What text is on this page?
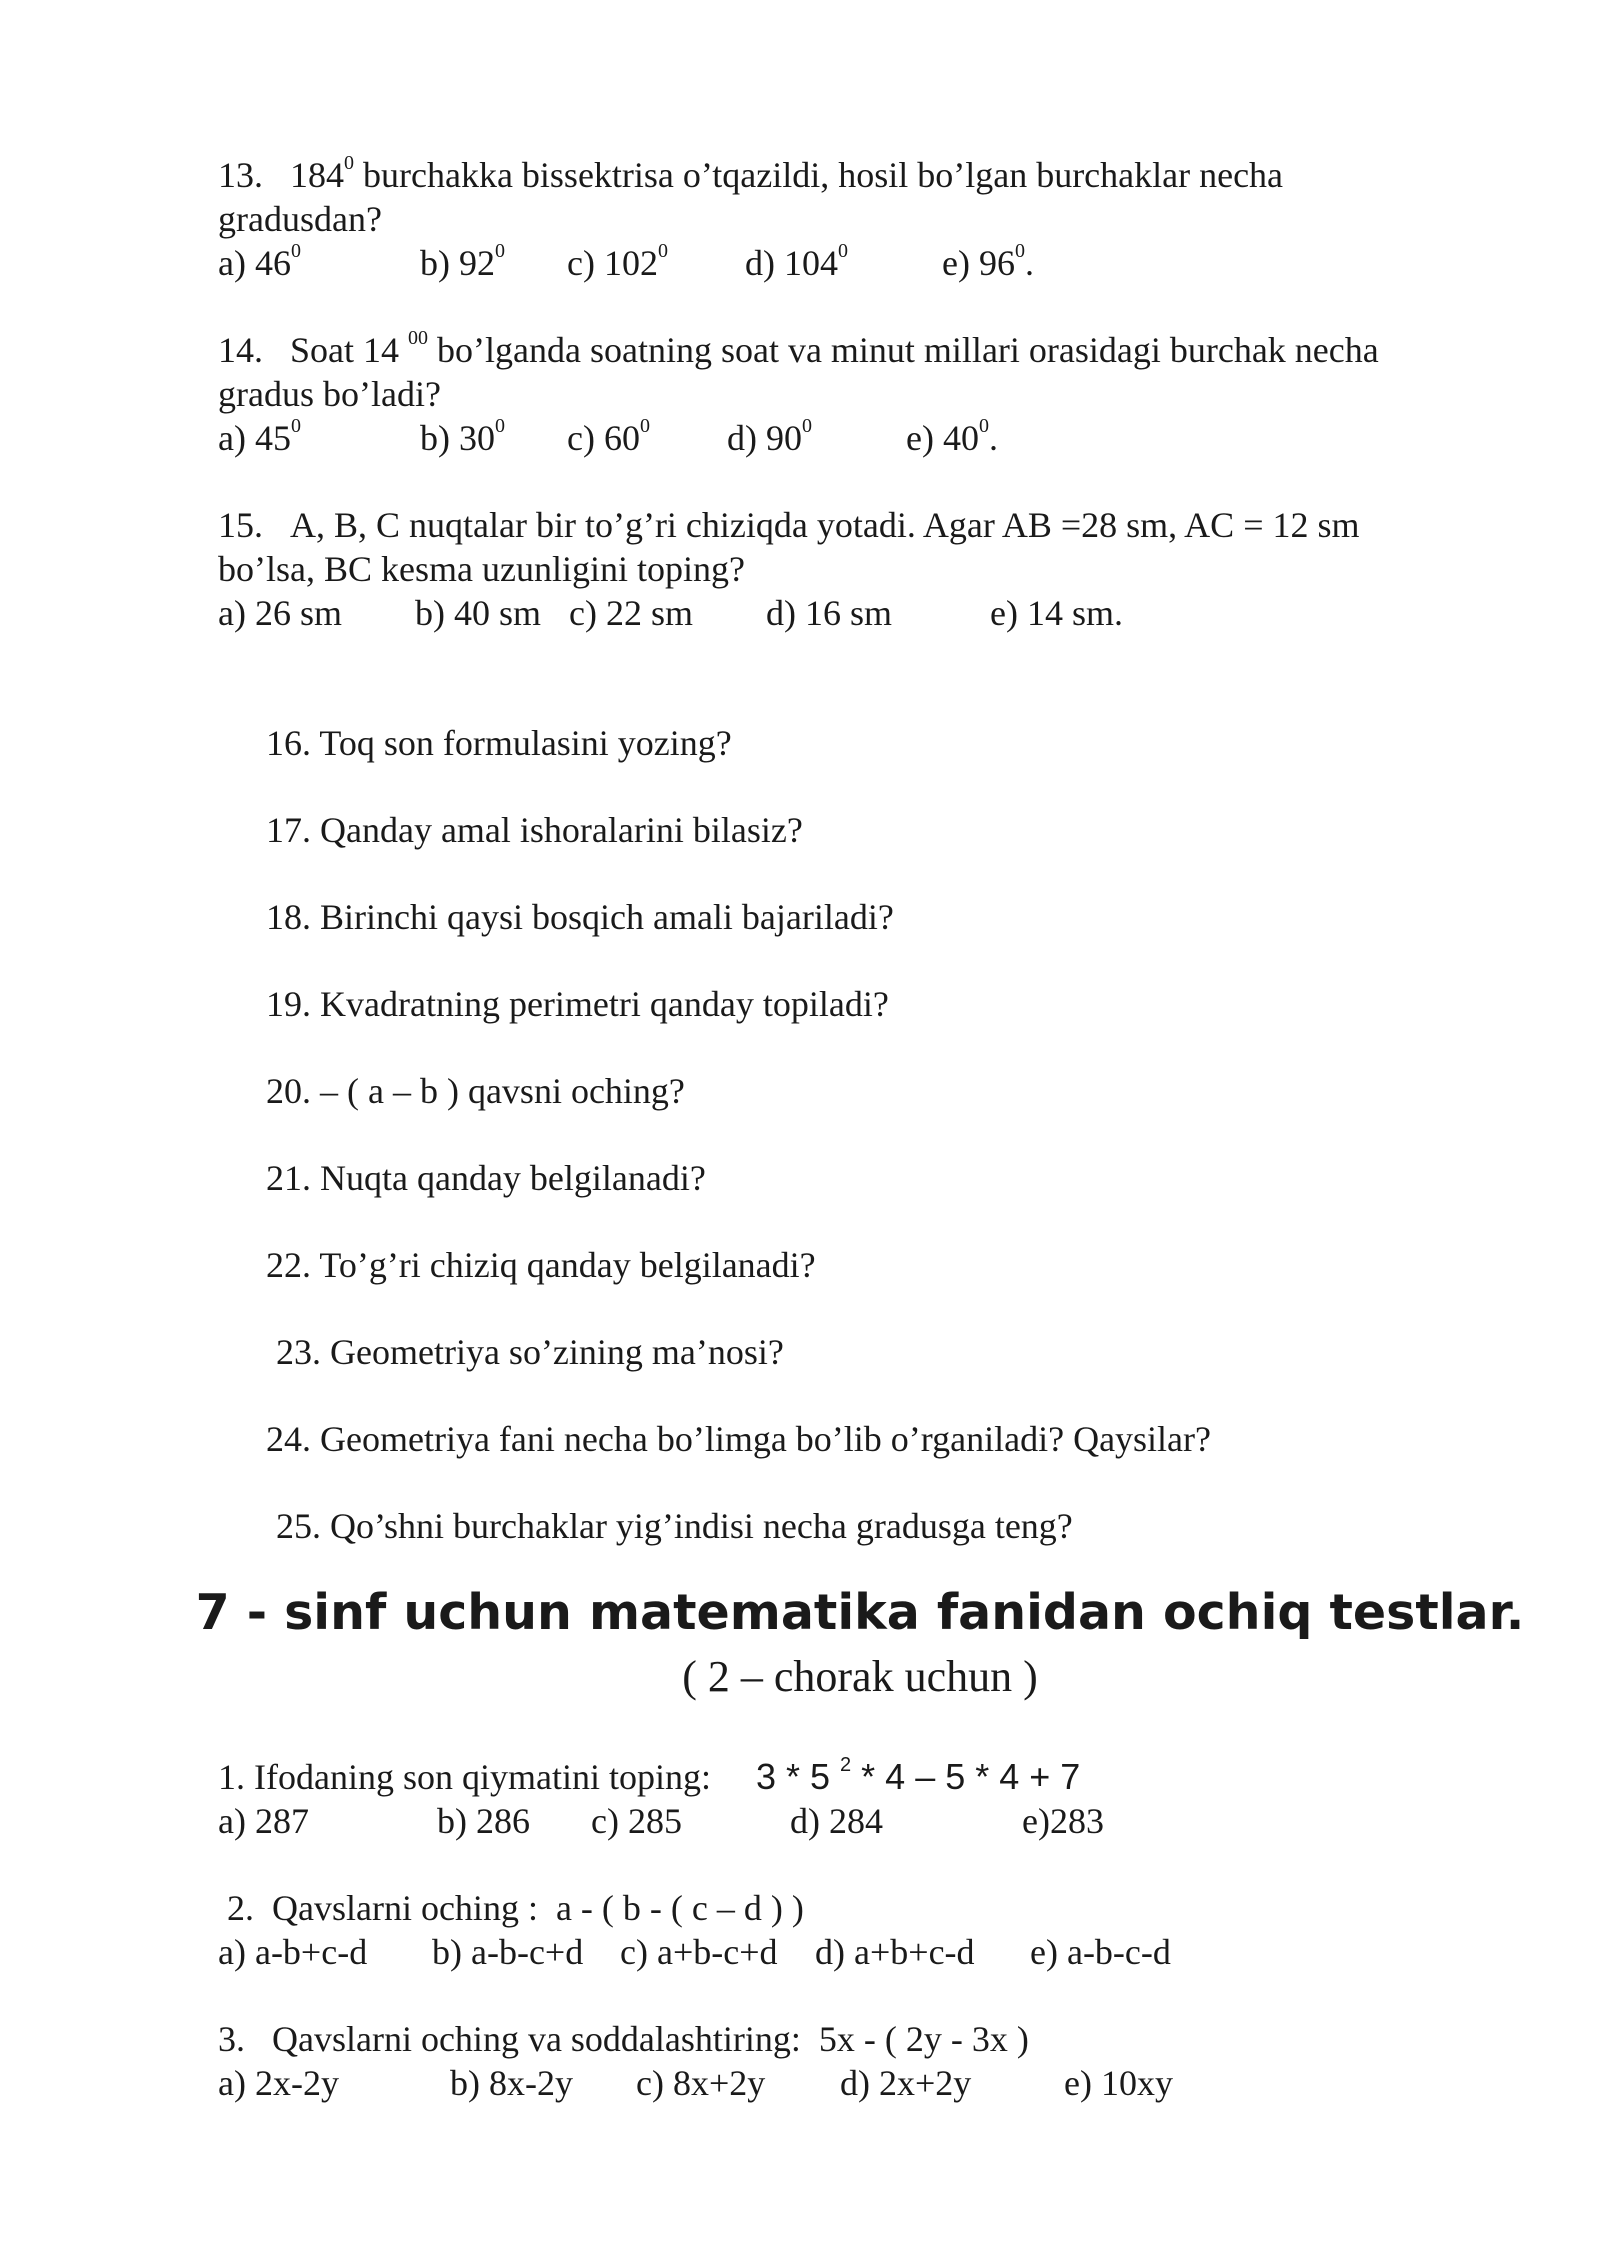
13. $184^0$ burchakka bissektrisa o’tqazildi, hosil bo’lgan burchaklar necha
gradusdan?
a) $46^0$	b) $92^0$ c) $102^0$ d) $104^0$	e) $96^0$.
14. Soat 14 $^{00}$ bo’lganda soatning soat va minut millari orasidagi burchak necha
gradus bo’ladi?
a) $45^0$	b) $30^0$ c) $60^0$ d) $90^0$	e) $40^0$.
15. A, B, C nuqtalar bir to’g’ri chiziqda yotadi. Agar AB =28 sm, AC = 12 sm
bo’lsa, BC kesma uzunligini toping?
a) 26 sm b) 40 sm c) 22 sm d) 16 sm	e) 14 sm.
16. Toq son formulasini yozing?
17. Qanday amal ishoralarini bilasiz?
18. Birinchi qaysi bosqich amali bajariladi?
19. Kvadratning perimetri qanday topiladi?
20. – ( a – b ) qavsni oching?
21. Nuqta qanday belgilanadi?
22. To’g’ri chiziq qanday belgilanadi?
23. Geometriya so’zining ma’nosi?
24. Geometriya fani necha bo’limga bo’lib o’rganiladi? Qaysilar?
25. Qo’shni burchaklar yig’indisi necha gradusga teng?
7 - sinf uchun matematika fanidan ochiq testlar.
( 2 – chorak uchun )
1. Ifodaning son qiymatini toping: 3 * 5 $^2$ * 4 – 5 * 4 + 7
a) 287	b) 286 c) 285	d) 284	e)283
2.  Qavslarni oching :  a - ( b - ( c – d ) )
a) a-b+c-d b) a-b-c+d c) a+b-c+d d) a+b+c-d e) a-b-c-d
3.   Qavslarni oching va soddalashtiring:  5x - ( 2y - 3x )
a) 2x-2y	b) 8x-2y c) 8x+2y d) 2x+2y	e) 10xy
